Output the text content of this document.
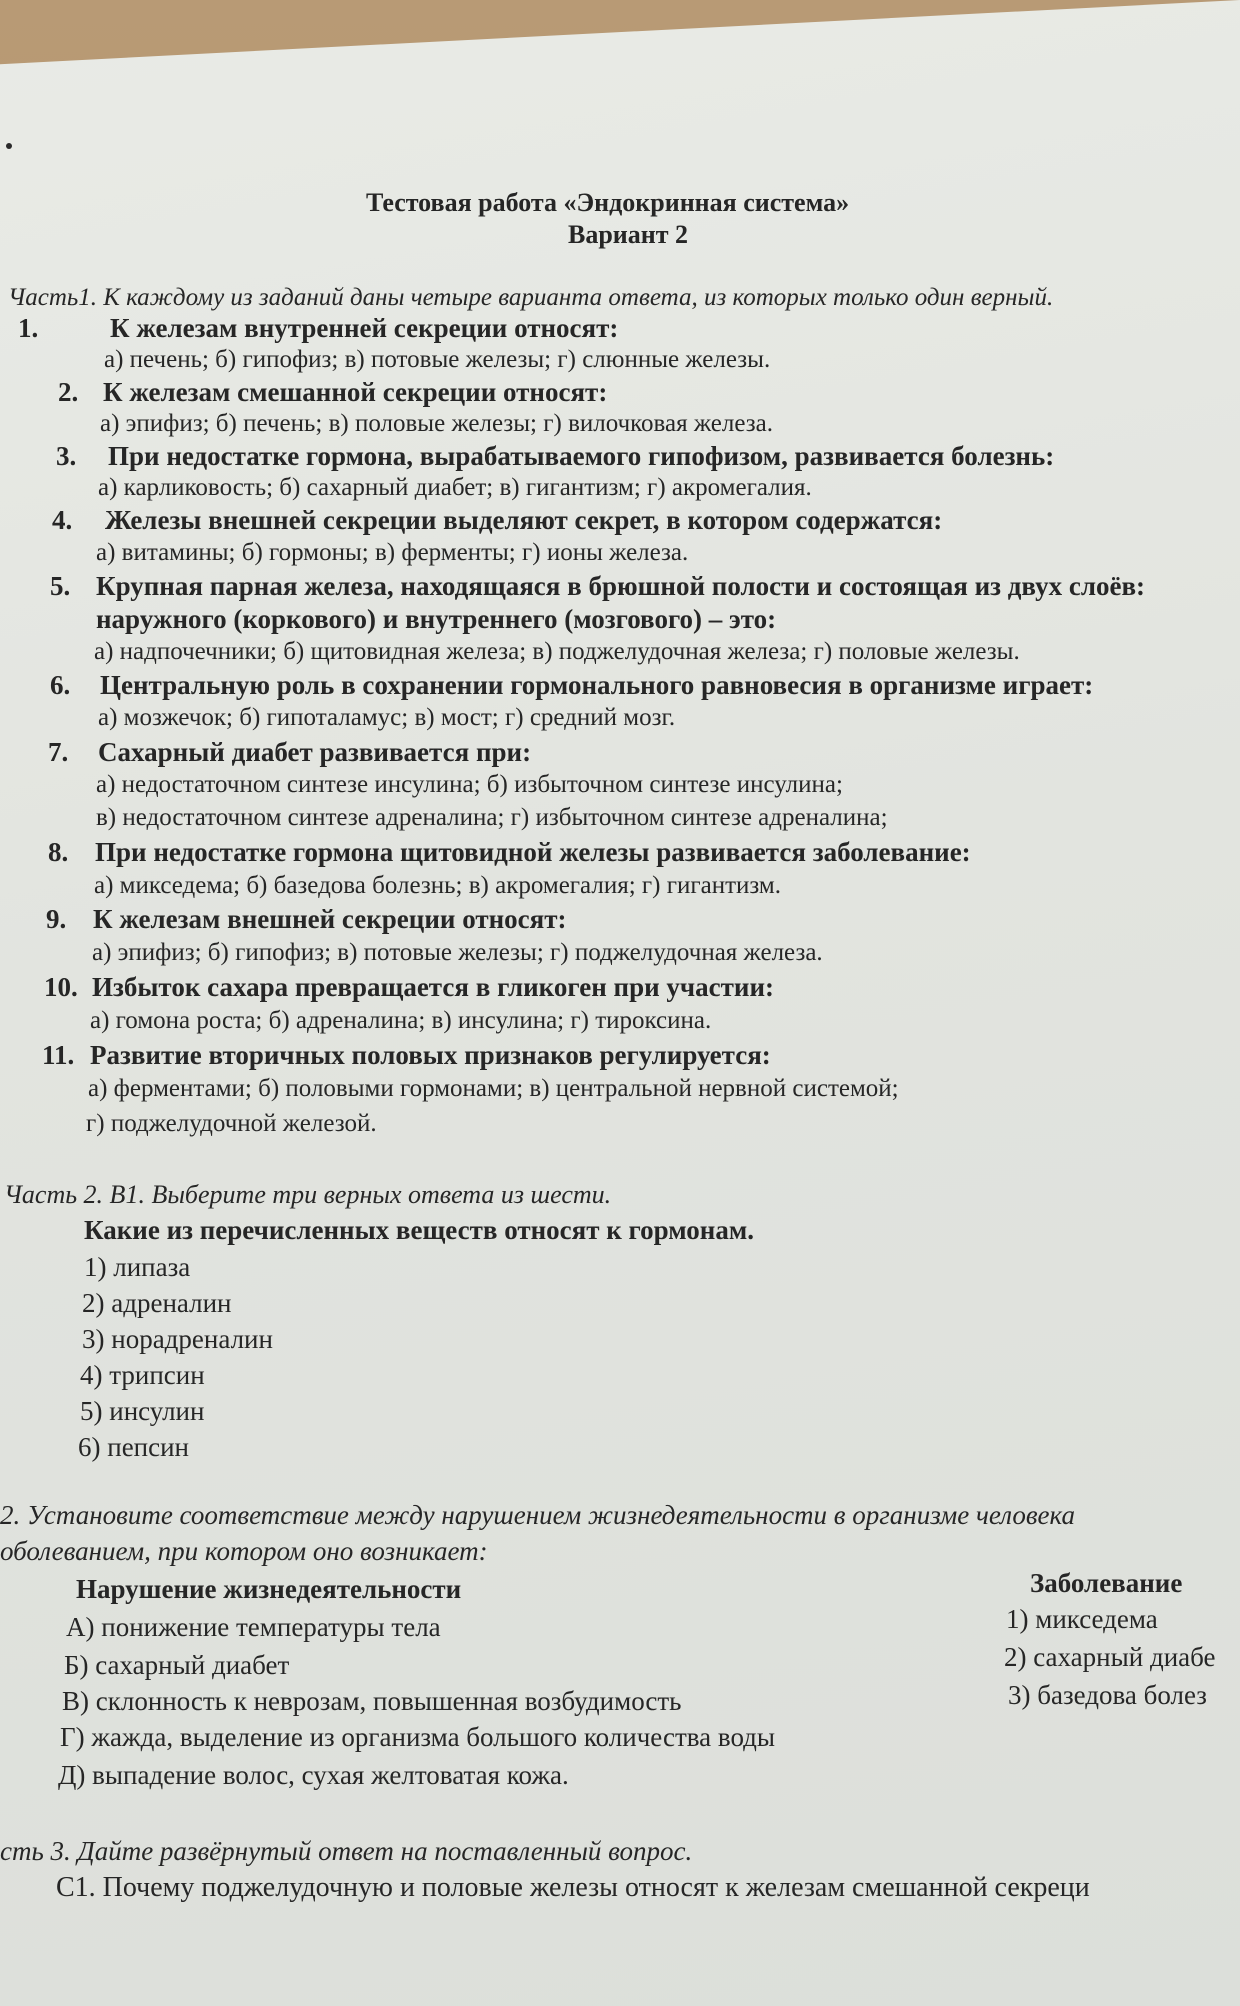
Тестовая работа «Эндокринная система»
Вариант 2
Часть1. К каждому из заданий даны четыре варианта ответа, из которых только один верный.
1.	К железам внутренней секреции относят:
а) печень; б) гипофиз; в) потовые железы; г) слюнные железы.
2. К железам смешанной секреции относят:
а) эпифиз; б) печень; в) половые железы; г) вилочковая железа.
3. При недостатке гормона, вырабатываемого гипофизом, развивается болезнь:
а) карликовость; б) сахарный диабет; в) гигантизм; г) акромегалия.
4. Железы внешней секреции выделяют секрет, в котором содержатся:
а) витамины; б) гормоны; в) ферменты; г) ионы железа.
5. Крупная парная железа, находящаяся в брюшной полости и состоящая из двух слоёв:
наружного (коркового) и внутреннего (мозгового) – это:
а) надпочечники; б) щитовидная железа; в) поджелудочная железа; г) половые железы.
6. Центральную роль в сохранении гормонального равновесия в организме играет:
а) мозжечок; б) гипоталамус; в) мост; г) средний мозг.
7. Сахарный диабет развивается при:
а) недостаточном синтезе инсулина; б) избыточном синтезе инсулина;
в) недостаточном синтезе адреналина; г) избыточном синтезе адреналина;
8. При недостатке гормона щитовидной железы развивается заболевание:
а) микседема; б) базедова болезнь; в) акромегалия; г) гигантизм.
9. К железам внешней секреции относят:
а) эпифиз; б) гипофиз; в) потовые железы; г) поджелудочная железа.
10. Избыток сахара превращается в гликоген при участии:
а) гомона роста; б) адреналина; в) инсулина; г) тироксина.
11. Развитие вторичных половых признаков регулируется:
а) ферментами; б) половыми гормонами; в) центральной нервной системой;
г) поджелудочной железой.
Часть 2. В1. Выберите три верных ответа из шести.
Какие из перечисленных веществ относят к гормонам.
1) липаза
2) адреналин
3) норадреналин
4) трипсин
5) инсулин
6) пепсин
2. Установите соответствие между нарушением жизнедеятельности в организме человека
оболеванием, при котором оно возникает:
Нарушение жизнедеятельности
А) понижение температуры тела
Б) сахарный диабет
В) склонность к неврозам, повышенная возбудимость
Г) жажда, выделение из организма большого количества воды
Д) выпадение волос, сухая желтоватая кожа.
Заболевание
1) микседема
2) сахарный диабе
3) базедова болез
сть 3. Дайте развёрнутый ответ на поставленный вопрос.
С1. Почему поджелудочную и половые железы относят к железам смешанной секреци
